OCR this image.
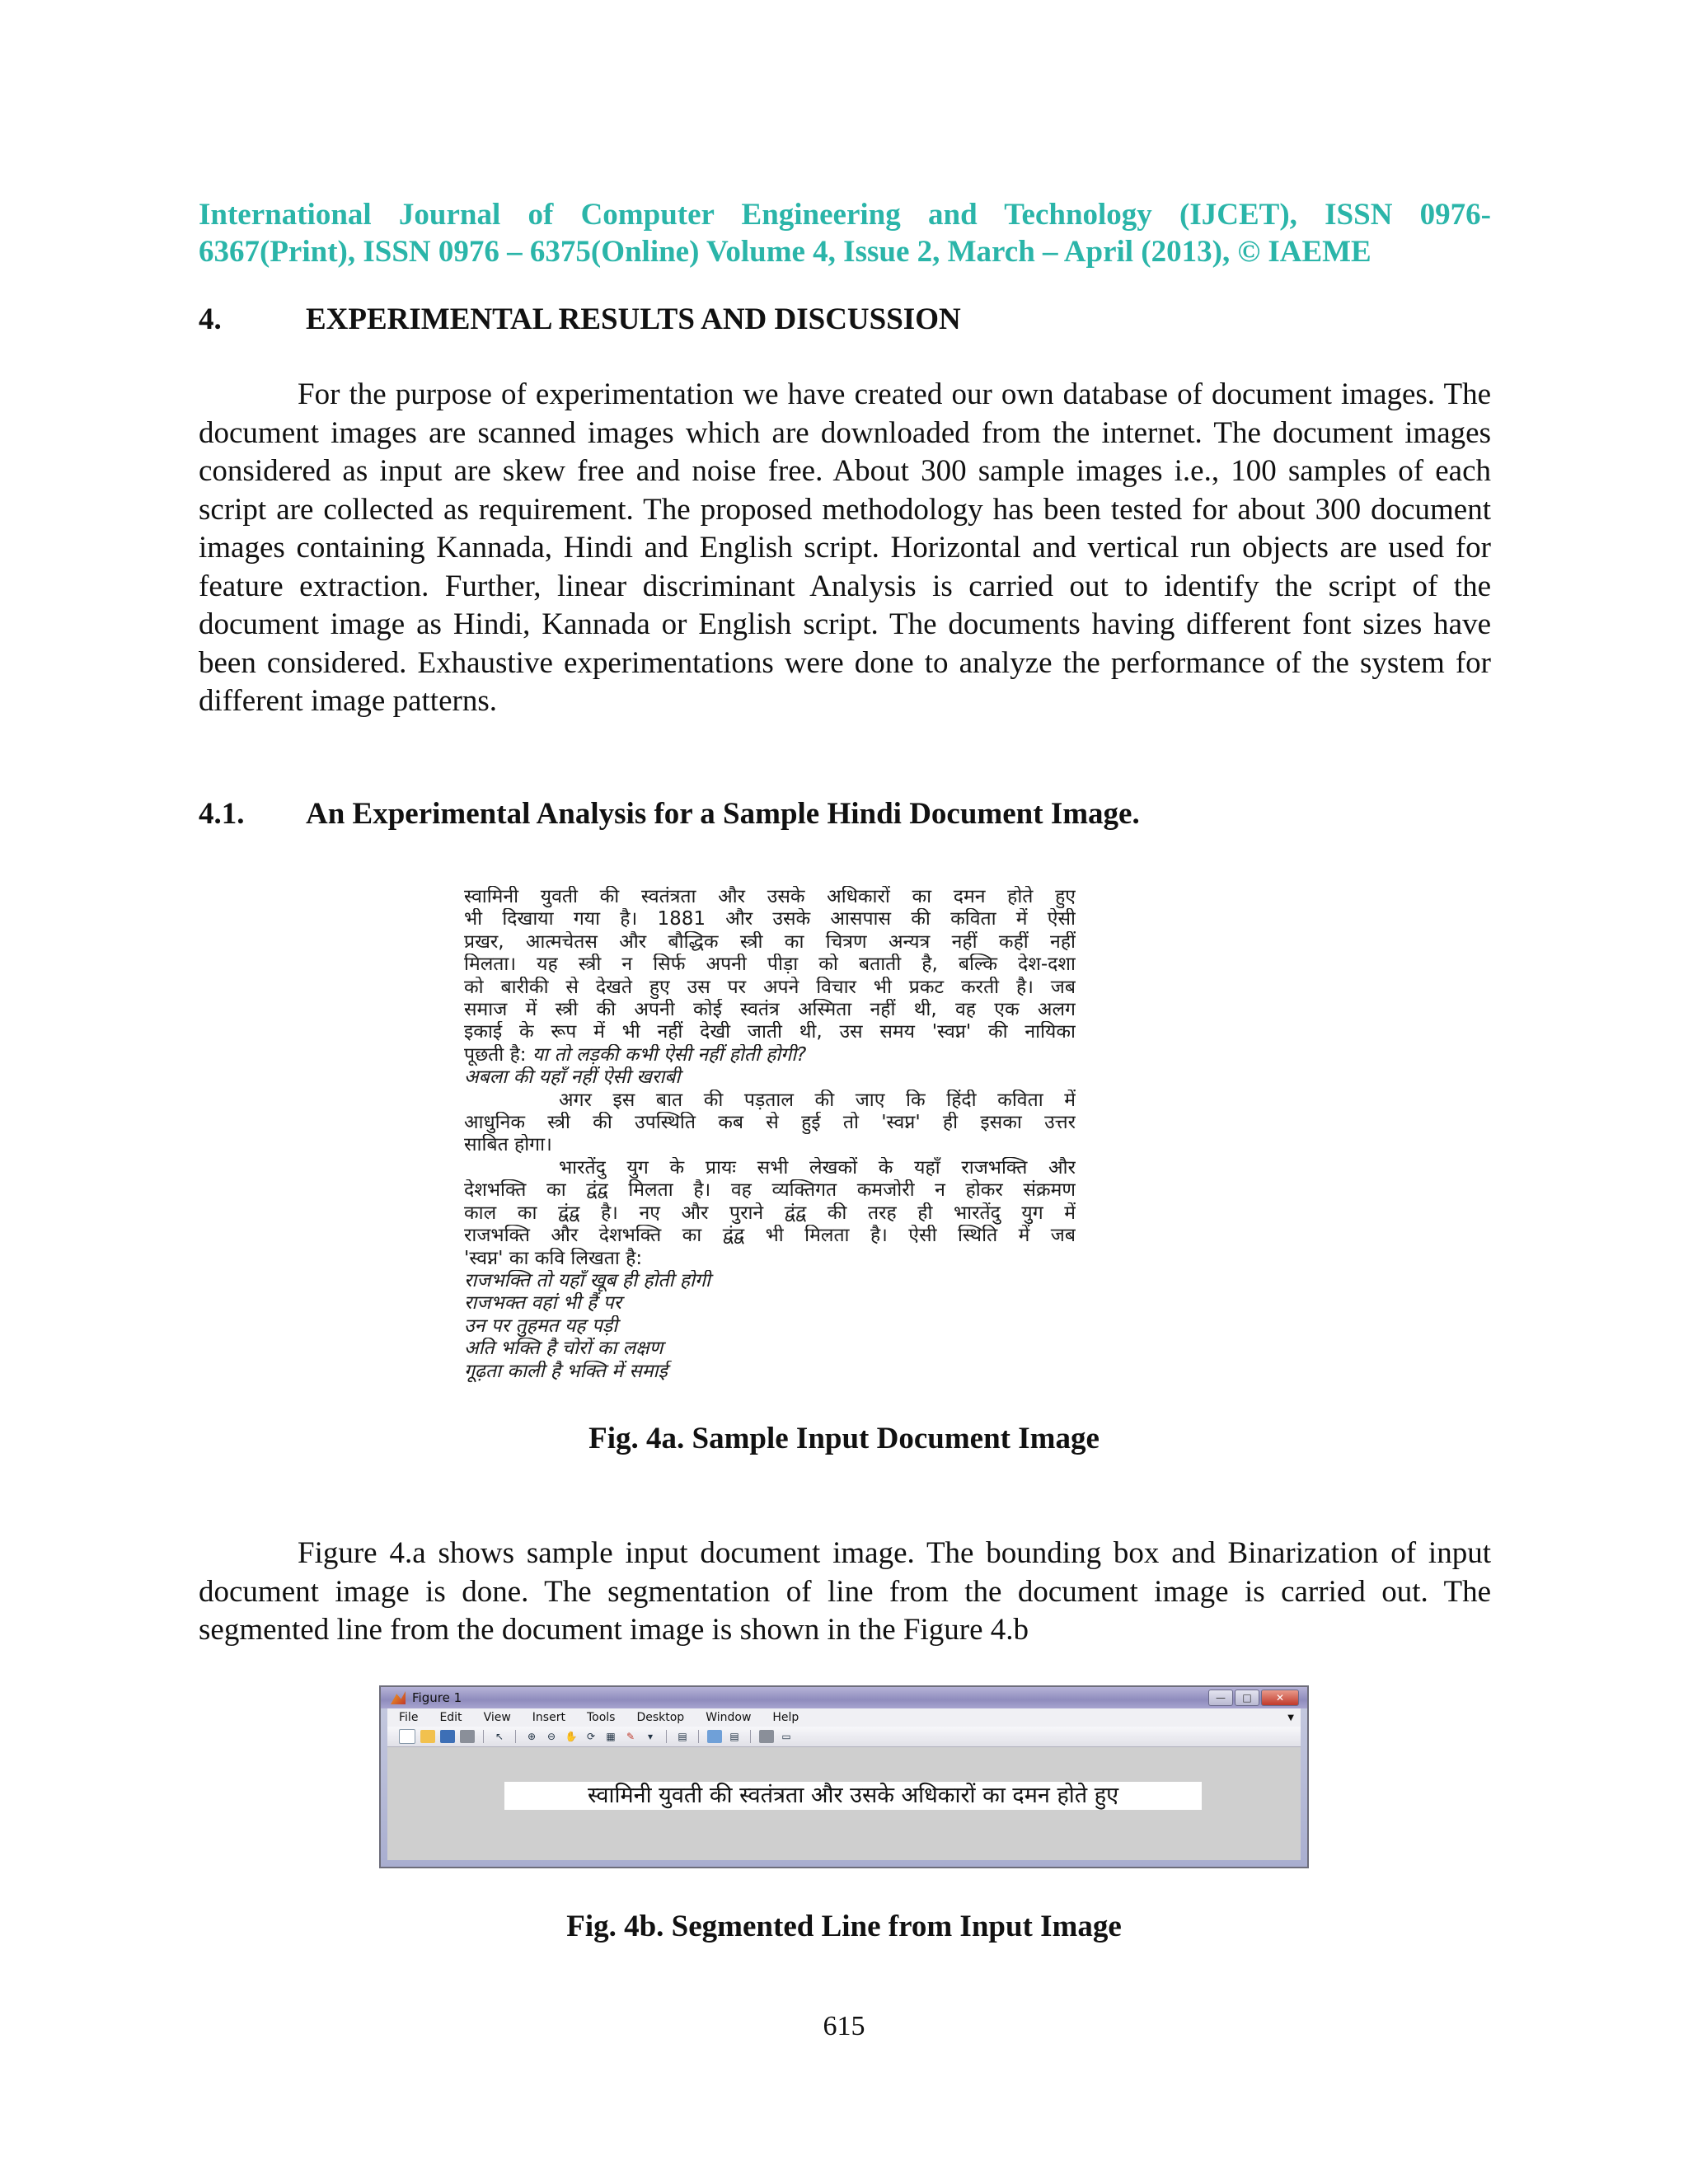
International Journal of Computer Engineering and Technology (IJCET), ISSN 0976-

6367(Print), ISSN 0976 – 6375(Online) Volume 4, Issue 2, March – April (2013), © IAEME
4.	EXPERIMENTAL RESULTS AND DISCUSSION
For the purpose of experimentation we have created our own database of document images. The document images are scanned images which are downloaded from the internet. The document images considered as input are skew free and noise free. About 300 sample images i.e., 100 samples of each script are collected as requirement. The proposed methodology has been tested for about 300 document images containing Kannada, Hindi and English script. Horizontal and vertical run objects are used for feature extraction. Further, linear discriminant Analysis is carried out to identify the script of the document image as Hindi, Kannada or English script. The documents having different font sizes have been considered. Exhaustive experimentations were done to analyze the performance of the system for different image patterns.
4.1. An Experimental Analysis for a Sample Hindi Document Image.
स्वामिनी युवती की स्वतंत्रता और उसके अधिकारों का दमन होते हुए
भी दिखाया गया है। 1881 और उसके आसपास की कविता में ऐसी
प्रखर, आत्मचेतस और बौद्धिक स्त्री का चित्रण अन्यत्र नहीं कहीं नहीं
मिलता। यह स्त्री न सिर्फ अपनी पीड़ा को बताती है, बल्कि देश-दशा
को बारीकी से देखते हुए उस पर अपने विचार भी प्रकट करती है। जब
समाज में स्त्री की अपनी कोई स्वतंत्र अस्मिता नहीं थी, वह एक अलग
इकाई के रूप में भी नहीं देखी जाती थी, उस समय 'स्वप्न' की नायिका
पूछती है: या तो लड़की कभी ऐसी नहीं होती होगी?
अबला की यहाँ नहीं ऐसी खराबी
अगर इस बात की पड़ताल की जाए कि हिंदी कविता में
आधुनिक स्त्री की उपस्थिति कब से हुई तो 'स्वप्न' ही इसका उत्तर
साबित होगा।
भारतेंदु युग के प्रायः सभी लेखकों के यहाँ राजभक्ति और
देशभक्ति का द्वंद्व मिलता है। वह व्यक्तिगत कमजोरी न होकर संक्रमण
काल का द्वंद्व है। नए और पुराने द्वंद्व की तरह ही भारतेंदु युग में
राजभक्ति और देशभक्ति का द्वंद्व भी मिलता है। ऐसी स्थिति में जब
'स्वप्न' का कवि लिखता है:
राजभक्ति तो यहाँ खूब ही होती होगी
राजभक्त वहां भी हैं पर
उन पर तुहमत यह पड़ी
अति भक्ति है चोरों का लक्षण
गूढ़ता काली है भक्ति में समाई
Fig. 4a. Sample Input Document Image
Figure 4.a shows sample input document image. The bounding box and Binarization of input document image is done. The segmentation of line from the document image is carried out. The segmented line from the document image is shown in the Figure 4.b
Figure 1	—	□	✕
File Edit View Insert Tools Desktop Window Help	▼
↖	⊕	⊖ ✋ ⟳	▦	✎	▾	▤	▤	▭
स्वामिनी युवती की स्वतंत्रता और उसके अधिकारों का दमन होते हुए
Fig. 4b. Segmented Line from Input Image
615
